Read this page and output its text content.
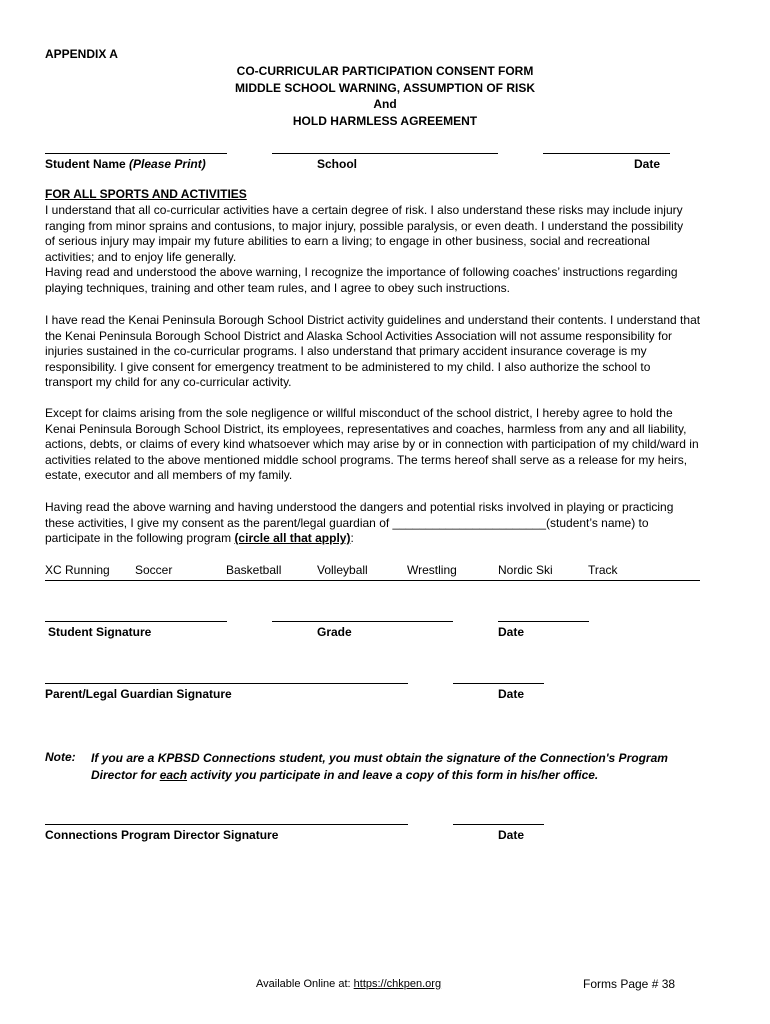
APPENDIX A
CO-CURRICULAR PARTICIPATION CONSENT FORM
MIDDLE SCHOOL WARNING, ASSUMPTION OF RISK
And
HOLD HARMLESS AGREEMENT
Student Name (Please Print)	School	Date
FOR ALL SPORTS AND ACTIVITIES

I understand that all co-curricular activities have a certain degree of risk. I also understand these risks may include injury

ranging from minor sprains and contusions, to major injury, possible paralysis, or even death. I understand the possibility

of serious injury may impair my future abilities to earn a living; to engage in other business, social and recreational

activities; and to enjoy life generally.

Having read and understood the above warning, I recognize the importance of following coaches’ instructions regarding

playing techniques, training and other team rules, and I agree to obey such instructions.

I have read the Kenai Peninsula Borough School District activity guidelines and understand their contents. I understand that

the Kenai Peninsula Borough School District and Alaska School Activities Association will not assume responsibility for

injuries sustained in the co-curricular programs. I also understand that primary accident insurance coverage is my

responsibility. I give consent for emergency treatment to be administered to my child. I also authorize the school to

transport my child for any co-curricular activity.

Except for claims arising from the sole negligence or willful misconduct of the school district, I hereby agree to hold the

Kenai Peninsula Borough School District, its employees, representatives and coaches, harmless from any and all liability,

actions, debts, or claims of every kind whatsoever which may arise by or in connection with participation of my child/ward in

activities related to the above mentioned middle school programs. The terms hereof shall serve as a release for my heirs,

estate, executor and all members of my family.

Having read the above warning and having understood the dangers and potential risks involved in playing or practicing

these activities, I give my consent as the parent/legal guardian of _______________________(student’s name) to

participate in the following program (circle all that apply):

XC Running Soccer	Basketball	Volleyball	Wrestling	Nordic Ski	Track
Student Signature	Grade	Date
Parent/Legal Guardian Signature	Date
Note: If you are a KPBSD Connections student, you must obtain the signature of the Connection's Program
Director for each activity you participate in and leave a copy of this form in his/her office.
Connections Program Director Signature	Date
Available Online at: https://chkpen.org	Forms Page # 38
